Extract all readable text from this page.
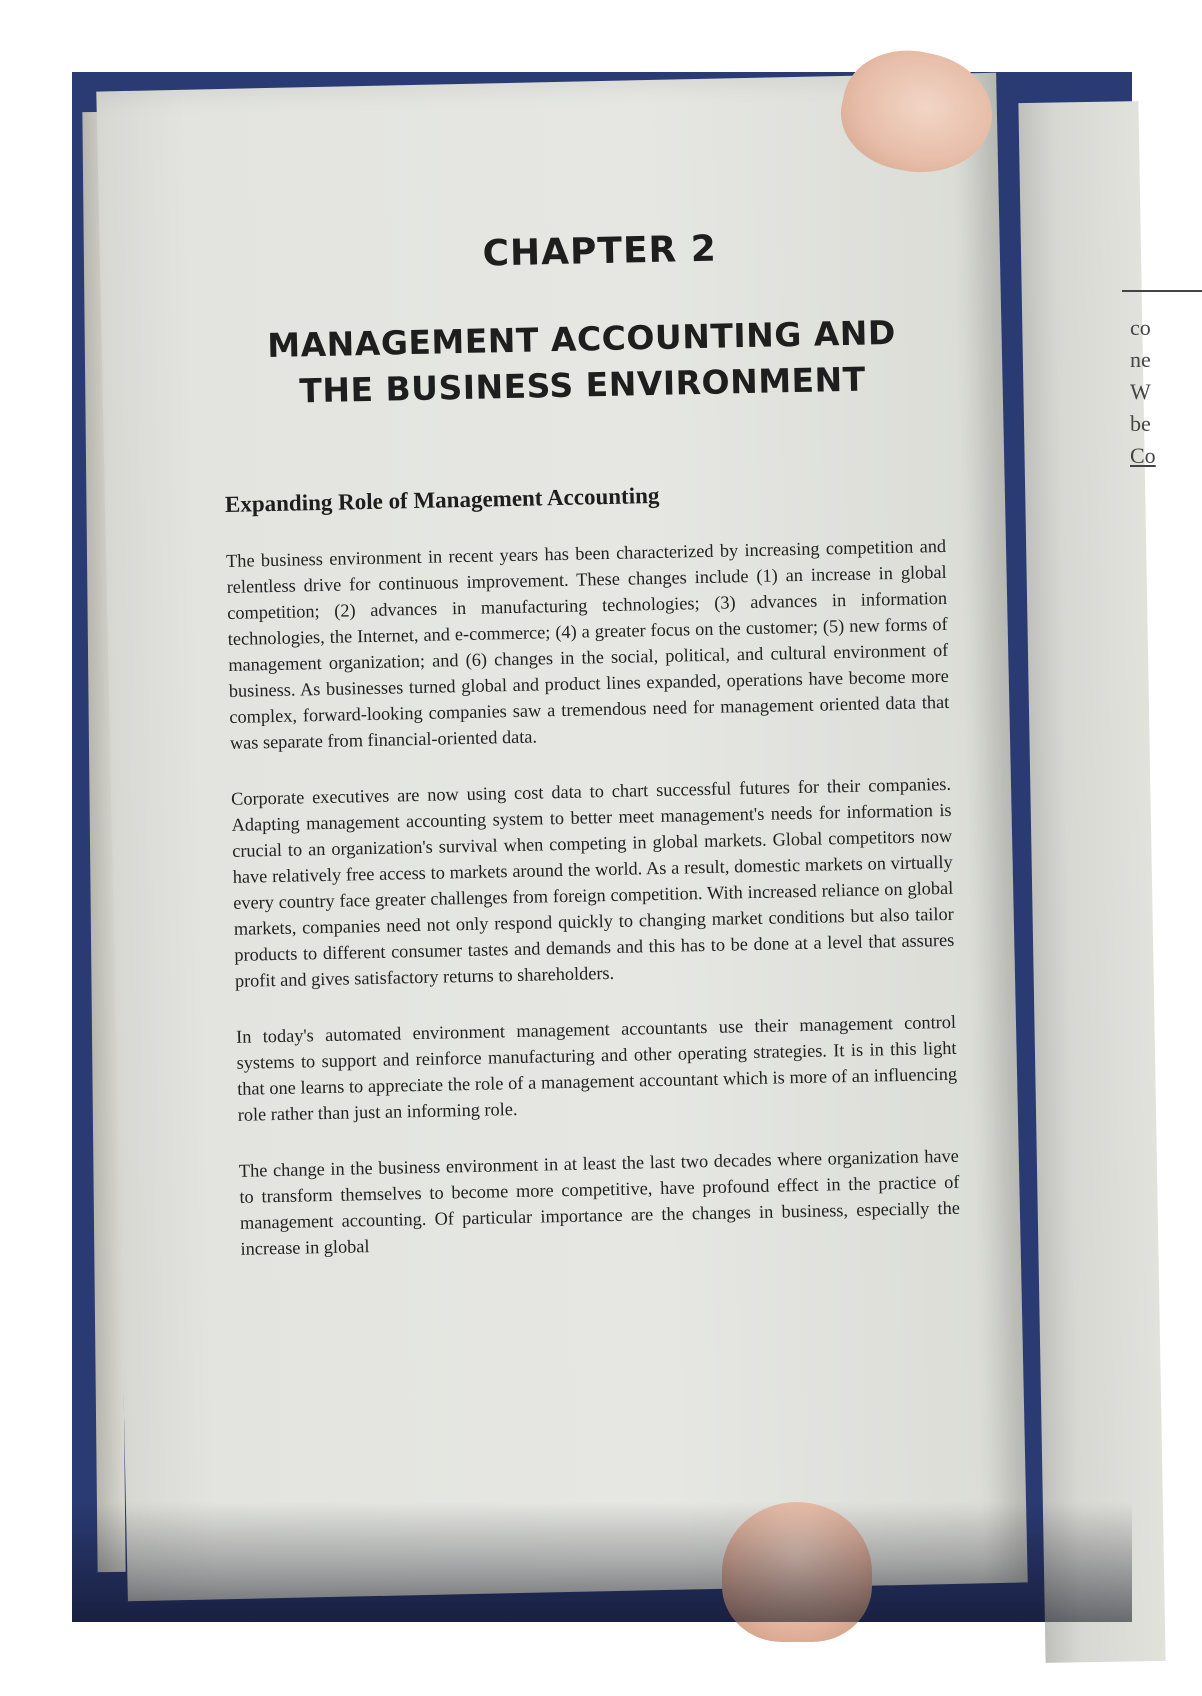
co
ne
W
be
Co
CHAPTER 2
MANAGEMENT ACCOUNTING AND
THE BUSINESS ENVIRONMENT
Expanding Role of Management Accounting

The business environment in recent years has been characterized by increasing competition and relentless drive for continuous improvement. These changes include (1) an increase in global competition; (2) advances in manufacturing technologies; (3) advances in information technologies, the Internet, and e-commerce; (4) a greater focus on the customer; (5) new forms of management organization; and (6) changes in the social, political, and cultural environment of business. As businesses turned global and product lines expanded, operations have become more complex, forward-looking companies saw a tremendous need for management oriented data that was separate from financial-oriented data.

Corporate executives are now using cost data to chart successful futures for their companies. Adapting management accounting system to better meet management's needs for information is crucial to an organization's survival when competing in global markets. Global competitors now have relatively free access to markets around the world. As a result, domestic markets on virtually every country face greater challenges from foreign competition. With increased reliance on global markets, companies need not only respond quickly to changing market conditions but also tailor products to different consumer tastes and demands and this has to be done at a level that assures profit and gives satisfactory returns to shareholders.

In today's automated environment management accountants use their management control systems to support and reinforce manufacturing and other operating strategies. It is in this light that one learns to appreciate the role of a management accountant which is more of an influencing role rather than just an informing role.

The change in the business environment in at least the last two decades where organization have to transform themselves to become more competitive, have profound effect in the practice of management accounting. Of particular importance are the changes in business, especially the increase in global
